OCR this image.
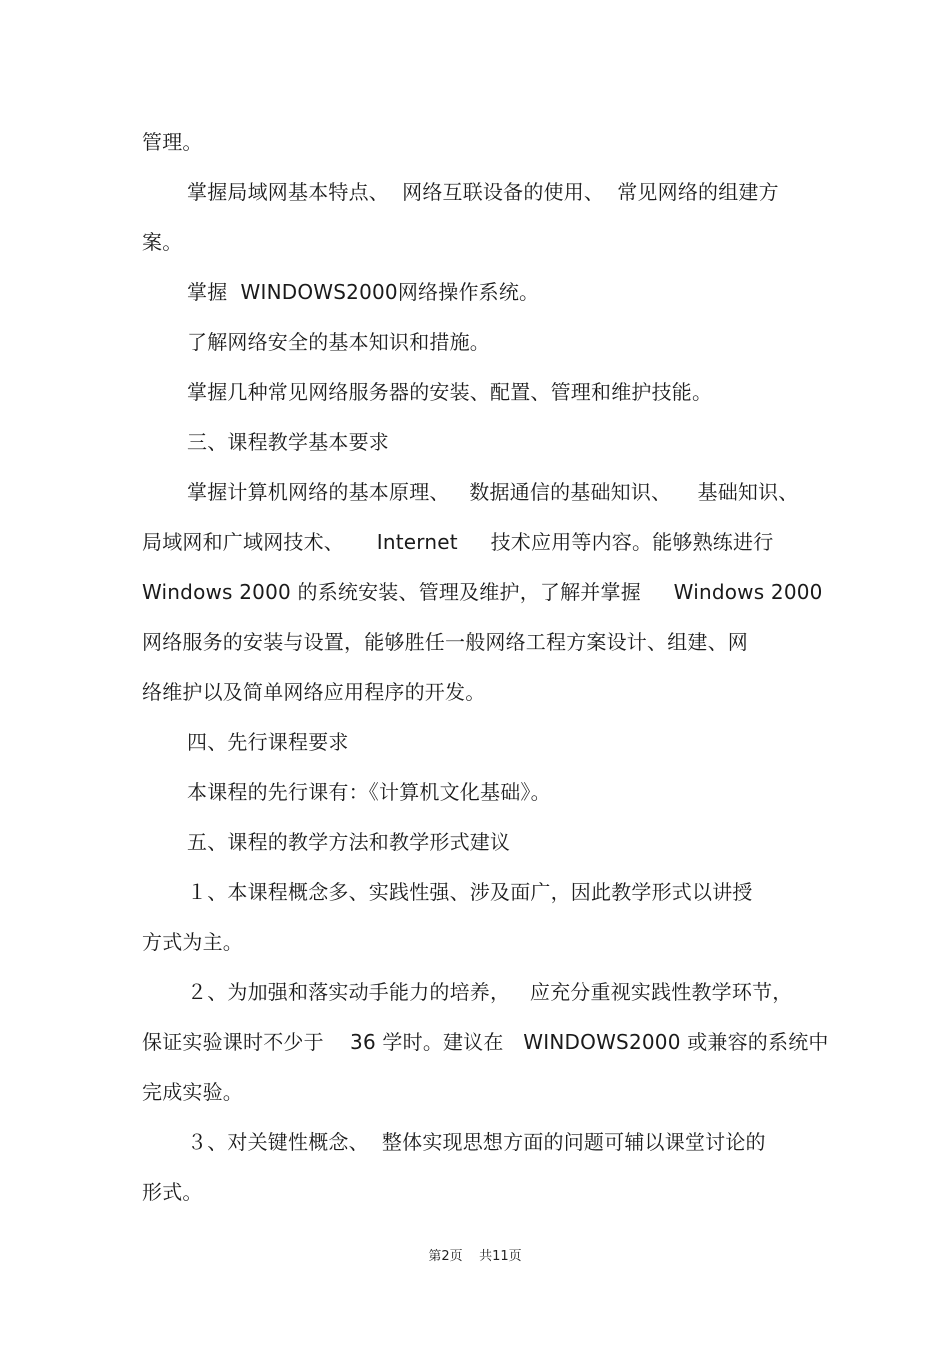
管理。
掌握局域网基本特点、  网络互联设备的使用、  常见网络的组建方
案。
掌握  WINDOWS2000网络操作系统。
了解网络安全的基本知识和措施。
掌握几种常见网络服务器的安装、配置、管理和维护技能。
三、课程教学基本要求
掌握计算机网络的基本原理、   数据通信的基础知识、    基础知识、
局域网和广域网技术、     Internet     技术应用等内容。能够熟练进行
Windows 2000 的系统安装、管理及维护，了解并掌握     Windows 2000
网络服务的安装与设置，能够胜任一般网络工程方案设计、组建、网
络维护以及简单网络应用程序的开发。
四、先行课程要求
本课程的先行课有：《计算机文化基础》。
五、课程的教学方法和教学形式建议
１、本课程概念多、实践性强、涉及面广，因此教学形式以讲授
方式为主。
２、为加强和落实动手能力的培养，   应充分重视实践性教学环节，
保证实验课时不少于    36 学时。建议在   WINDOWS2000 或兼容的系统中
完成实验。
３、对关键性概念、  整体实现思想方面的问题可辅以课堂讨论的
形式。
第2页    共11页
